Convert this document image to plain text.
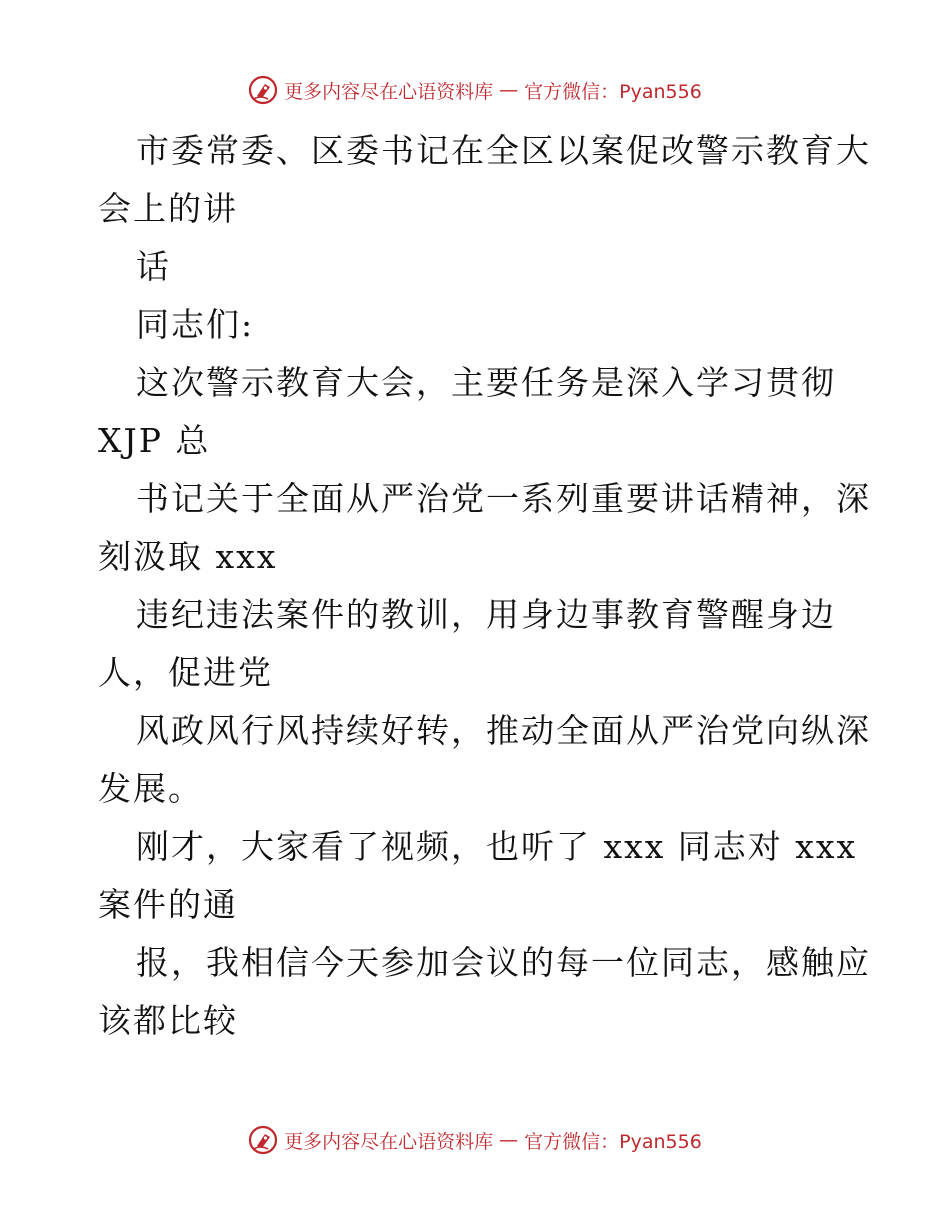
更多内容尽在心语资料库 — 官方微信：Pyan556
市委常委、区委书记在全区以案促改警示教育大
会上的讲
话
同志们:
这次警示教育大会，主要任务是深入学习贯彻
XJP 总
书记关于全面从严治党一系列重要讲话精神，深
刻汲取 xxx
违纪违法案件的教训，用身边事教育警醒身边
人，促进党
风政风行风持续好转，推动全面从严治党向纵深
发展。
刚才，大家看了视频，也听了 xxx 同志对 xxx
案件的通
报，我相信今天参加会议的每一位同志，感触应
该都比较
更多内容尽在心语资料库 — 官方微信：Pyan556
